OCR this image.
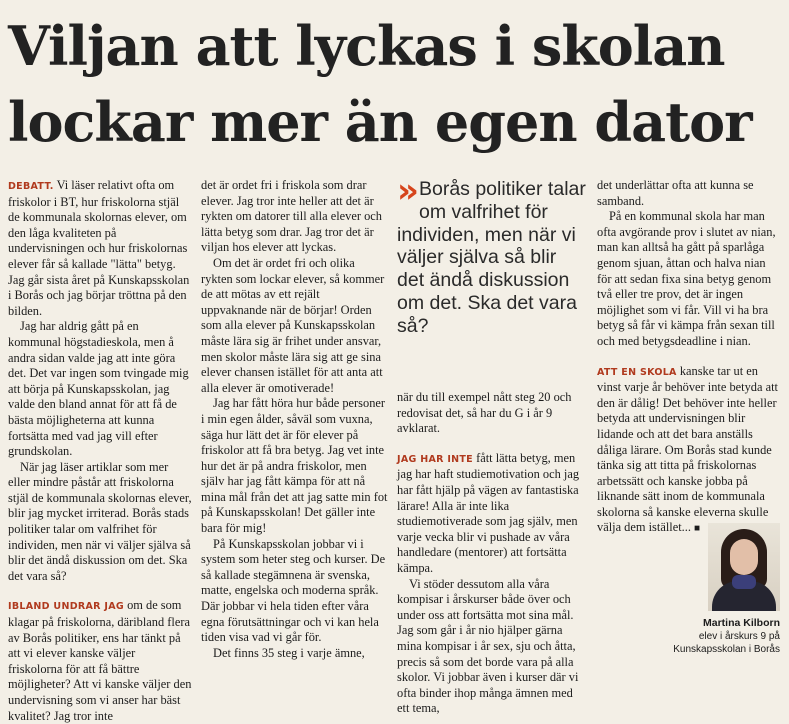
Viljan att lyckas i skolan
lockar mer än egen dator

DEBATT. Vi läser relativt ofta om friskolor i BT, hur friskolorna stjäl de kommunala skolornas elever, om den låga kvaliteten på undervisningen och hur friskolornas elever får så kallade "lätta" betyg. Jag går sista året på Kunskapsskolan i Borås och jag börjar tröttna på den bilden.

Jag har aldrig gått på en kommunal högstadieskola, men å andra sidan valde jag att inte göra det. Det var ingen som tvingade mig att börja på Kunskapsskolan, jag valde den bland annat för att få de bästa möjligheterna att kunna fortsätta med vad jag vill efter grundskolan.

När jag läser artiklar som mer eller mindre påstår att friskolorna stjäl de kommunala skolornas elever, blir jag mycket irriterad. Borås stads politiker talar om valfrihet för individen, men när vi väljer själva så blir det ändå diskussion om det. Ska det vara så?

IBLAND UNDRAR JAG om de som klagar på friskolorna, däribland flera av Borås politiker, ens har tänkt på att vi elever kanske väljer friskolorna för att få bättre möjligheter? Att vi kanske väljer den undervisning som vi anser har bäst kvalitet? Jag tror inte

det är ordet fri i friskola som drar elever. Jag tror inte heller att det är rykten om datorer till alla elever och lätta betyg som drar. Jag tror det är viljan hos elever att lyckas.

Om det är ordet fri och olika rykten som lockar elever, så kommer de att mötas av ett rejält uppvaknande när de börjar! Orden som alla elever på Kunskapsskolan måste lära sig är frihet under ansvar, men skolor måste lära sig att ge sina elever chansen istället för att anta att alla elever är omotiverade!

Jag har fått höra hur både personer i min egen ålder, såväl som vuxna, säga hur lätt det är för elever på friskolor att få bra betyg. Jag vet inte hur det är på andra friskolor, men själv har jag fått kämpa för att nå mina mål från det att jag satte min fot på Kunskapsskolan! Det gäller inte bara för mig!

På Kunskapsskolan jobbar vi i system som heter steg och kurser. De så kallade stegämnena är svenska, matte, engelska och moderna språk. Där jobbar vi hela tiden efter våra egna förutsättningar och vi kan hela tiden visa vad vi går för.

Det finns 35 steg i varje ämne,

» Borås politiker talar om valfrihet för individen, men när vi väljer själva så blir det ändå diskussion om det. Ska det vara så?

när du till exempel nått steg 20 och redovisat det, så har du G i år 9 avklarat.

JAG HAR INTE fått lätta betyg, men jag har haft studiemotivation och jag har fått hjälp på vägen av fantastiska lärare! Alla är inte lika studiemotiverade som jag själv, men varje vecka blir vi pushade av våra handledare (mentorer) att fortsätta kämpa.

Vi stöder dessutom alla våra kompisar i årskurser både över och under oss att fortsätta mot sina mål. Jag som går i år nio hjälper gärna mina kompisar i år sex, sju och åtta, precis så som det borde vara på alla skolor. Vi jobbar även i kurser där vi ofta binder ihop många ämnen med ett tema,

det underlättar ofta att kunna se samband.

På en kommunal skola har man ofta avgörande prov i slutet av nian, man kan alltså ha gått på sparlåga genom sjuan, åttan och halva nian för att sedan fixa sina betyg genom två eller tre prov, det är ingen möjlighet som vi får. Vill vi ha bra betyg så får vi kämpa från sexan till och med betygsdeadline i nian.

ATT EN SKOLA kanske tar ut en vinst varje år behöver inte betyda att den är dålig! Det behöver inte heller betyda att undervisningen blir lidande och att det bara anställs dåliga lärare. Om Borås stad kunde tänka sig att titta på friskolornas arbetssätt och kanske jobba på liknande sätt inom de kommunala skolorna så kanske eleverna skulle välja dem istället... ■

Martina Kilborn
elev i årskurs 9 på
Kunskapsskolan i Borås
